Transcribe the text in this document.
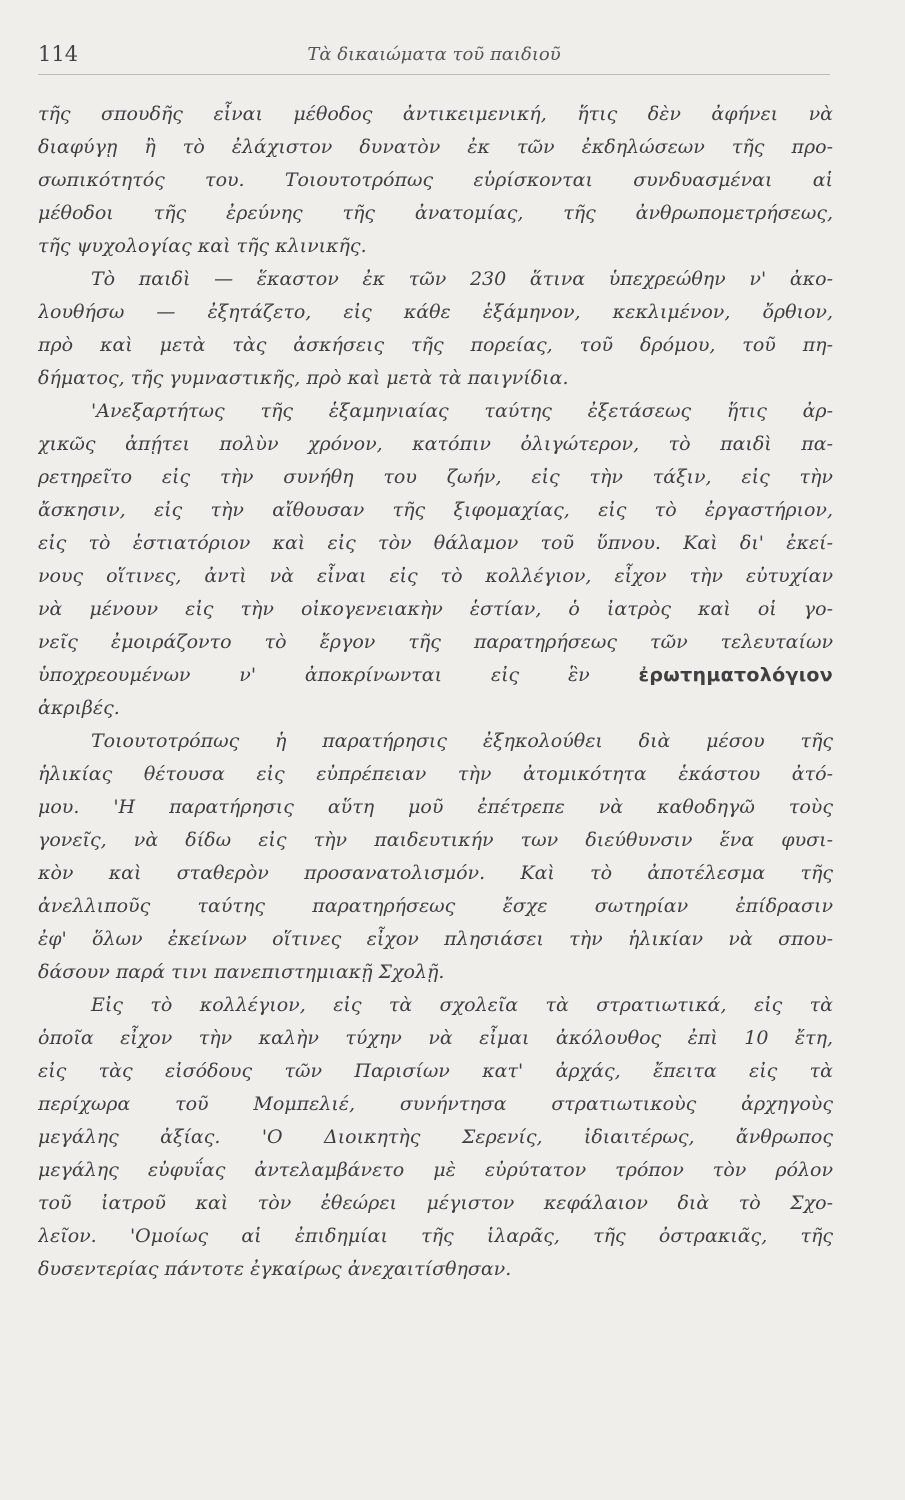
114	Τὰ δικαιώματα τοῦ παιδιοῦ
τῆς σπουδῆς εἶναι μέθοδος ἀντικειμενική, ἥτις δὲν ἀφήνει νὰ
διαφύγῃ ἢ τὸ ἐλάχιστον δυνατὸν ἐκ τῶν ἐκδηλώσεων τῆς προ-
σωπικότητός του. Τοιουτοτρόπως εὑρίσκονται συνδυασμέναι αἱ
μέθοδοι τῆς ἐρεύνης τῆς ἀνατομίας, τῆς ἀνθρωπομετρήσεως,
τῆς ψυχολογίας καὶ τῆς κλινικῆς.
Τὸ παιδὶ — ἕκαστον ἐκ τῶν 230 ἅτινα ὑπεχρεώθην ν' ἀκο-
λουθήσω — ἐξητάζετο, εἰς κάθε ἑξάμηνον, κεκλιμένον, ὄρθιον,
πρὸ καὶ μετὰ τὰς ἀσκήσεις τῆς πορείας, τοῦ δρόμου, τοῦ πη-
δήματος, τῆς γυμναστικῆς, πρὸ καὶ μετὰ τὰ παιγνίδια.
'Ανεξαρτήτως τῆς ἑξαμηνιαίας ταύτης ἐξετάσεως ἥτις ἀρ-
χικῶς ἀπῄτει πολὺν χρόνον, κατόπιν ὀλιγώτερον, τὸ παιδὶ πα-
ρετηρεῖτο εἰς τὴν συνήθη του ζωήν, εἰς τὴν τάξιν, εἰς τὴν
ἄσκησιν, εἰς τὴν αἴθουσαν τῆς ξιφομαχίας, εἰς τὸ ἐργαστήριον,
εἰς τὸ ἑστιατόριον καὶ εἰς τὸν θάλαμον τοῦ ὕπνου. Καὶ δι' ἐκεί-
νους οἵτινες, ἀντὶ νὰ εἶναι εἰς τὸ κολλέγιον, εἶχον τὴν εὐτυχίαν
νὰ μένουν εἰς τὴν οἰκογενειακὴν ἑστίαν, ὁ ἰατρὸς καὶ οἱ γο-
νεῖς ἐμοιράζοντο τὸ ἔργον τῆς παρατηρήσεως τῶν τελευταίων
ὑποχρεουμένων ν' ἀποκρίνωνται εἰς ἓν	ἐρωτηματολόγιον
ἀκριβές.
Τοιουτοτρόπως ἡ παρατήρησις ἐξηκολούθει διὰ μέσου τῆς
ἡλικίας θέτουσα εἰς εὐπρέπειαν τὴν ἀτομικότητα ἑκάστου ἀτό-
μου. 'Η παρατήρησις αὕτη μοῦ ἐπέτρεπε νὰ καθοδηγῶ τοὺς
γονεῖς, νὰ δίδω εἰς τὴν παιδευτικήν των διεύθυνσιν ἕνα φυσι-
κὸν καὶ σταθερὸν προσανατολισμόν. Καὶ τὸ ἀποτέλεσμα τῆς
ἀνελλιποῦς ταύτης παρατηρήσεως ἔσχε σωτηρίαν ἐπίδρασιν
ἐφ' ὅλων ἐκείνων οἵτινες εἶχον πλησιάσει τὴν ἡλικίαν νὰ σπου-
δάσουν παρά τινι πανεπιστημιακῇ Σχολῇ.
Εἰς τὸ κολλέγιον, εἰς τὰ σχολεῖα τὰ στρατιωτικά, εἰς τὰ
ὁποῖα εἶχον τὴν καλὴν τύχην νὰ εἶμαι ἀκόλουθος ἐπὶ 10 ἔτη,
εἰς τὰς εἰσόδους τῶν Παρισίων κατ' ἀρχάς, ἔπειτα εἰς τὰ
περίχωρα τοῦ Μομπελιέ, συνήντησα στρατιωτικοὺς ἀρχηγοὺς
μεγάλης ἀξίας. 'Ο Διοικητὴς Σερενίς, ἰδιαιτέρως, ἄνθρωπος
μεγάλης εὐφυΐας ἀντελαμβάνετο μὲ εὐρύτατον τρόπον τὸν ρόλον
τοῦ ἰατροῦ καὶ τὸν ἐθεώρει μέγιστον κεφάλαιον διὰ τὸ Σχο-
λεῖον. 'Ομοίως αἱ ἐπιδημίαι τῆς ἱλαρᾶς, τῆς ὀστρακιᾶς, τῆς
δυσεντερίας πάντοτε ἐγκαίρως ἀνεχαιτίσθησαν.
